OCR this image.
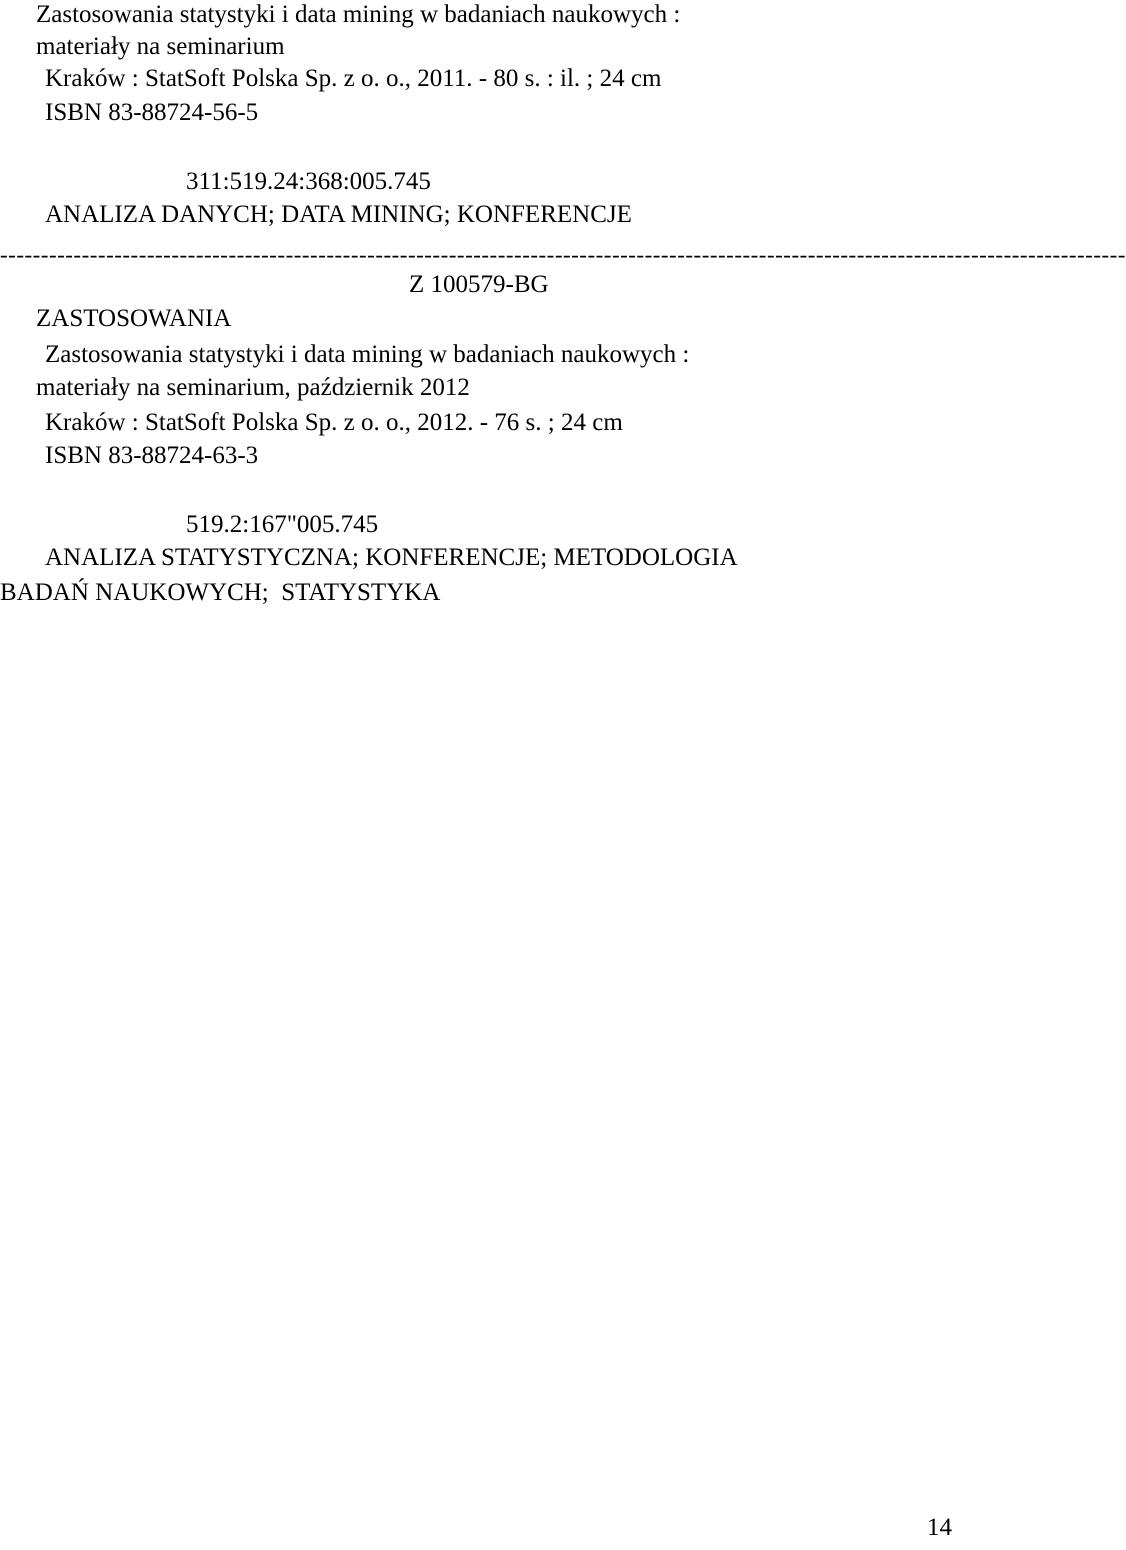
Zastosowania statystyki i data mining w badaniach naukowych :
materiały na seminarium
Kraków : StatSoft Polska Sp. z o. o., 2011. - 80 s. : il. ; 24 cm
ISBN 83-88724-56-5
311:519.24:368:005.745
ANALIZA DANYCH; DATA MINING; KONFERENCJE
------------------------------------------------------------------------------------------------------------------------------------------
Z 100579-BG
ZASTOSOWANIA
Zastosowania statystyki i data mining w badaniach naukowych :
materiały na seminarium, październik 2012
Kraków : StatSoft Polska Sp. z o. o., 2012. - 76 s. ; 24 cm
ISBN 83-88724-63-3
519.2:167"005.745
ANALIZA STATYSTYCZNA; KONFERENCJE; METODOLOGIA
BADAŃ NAUKOWYCH;  STATYSTYKA
14
